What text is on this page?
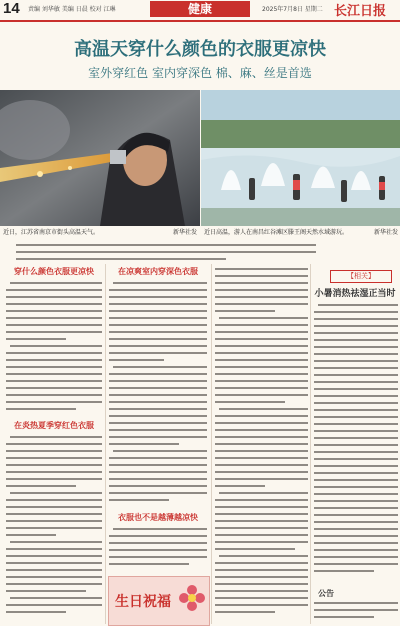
14 责编 刘华敏 美编 日晨 校对 江琳	健康	2025年7月8日 星期二 长江日报
高温天穿什么颜色的衣服更凉快
室外穿红色 室内穿深色 棉、麻、丝是首选
近日，江苏省南京市街头高温天气。	新华社发 近日高温，游人在南昌红谷滩区滕王阁天然水域游玩。	新华社发
穿什么颜色衣服更凉快
在炎热夏季穿红色衣服
在凉爽室内穿深色衣服
衣服也不是越薄越凉快
生日祝福
【相关】
小暑消热祛湿正当时
公告
